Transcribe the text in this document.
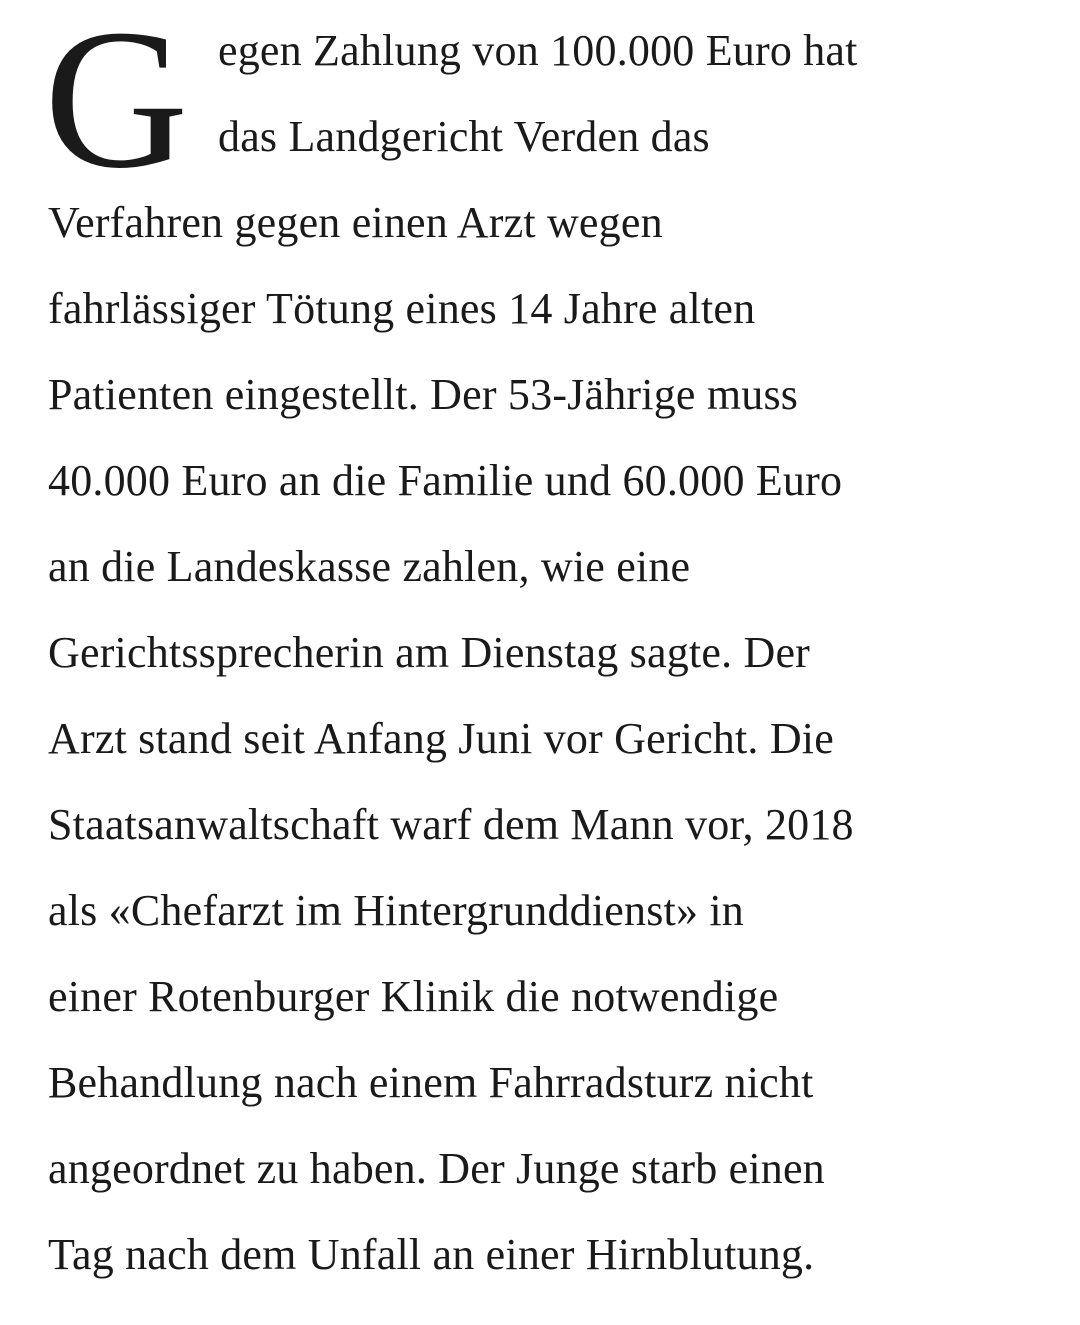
G egen Zahlung von 100.000 Euro hat
das Landgericht Verden das
Verfahren gegen einen Arzt wegen
fahrlässiger Tötung eines 14 Jahre alten
Patienten eingestellt. Der 53-Jährige muss
40.000 Euro an die Familie und 60.000 Euro
an die Landeskasse zahlen, wie eine
Gerichtssprecherin am Dienstag sagte. Der
Arzt stand seit Anfang Juni vor Gericht. Die
Staatsanwaltschaft warf dem Mann vor, 2018
als «Chefarzt im Hintergrunddienst» in
einer Rotenburger Klinik die notwendige
Behandlung nach einem Fahrradsturz nicht
angeordnet zu haben. Der Junge starb einen
Tag nach dem Unfall an einer Hirnblutung.
